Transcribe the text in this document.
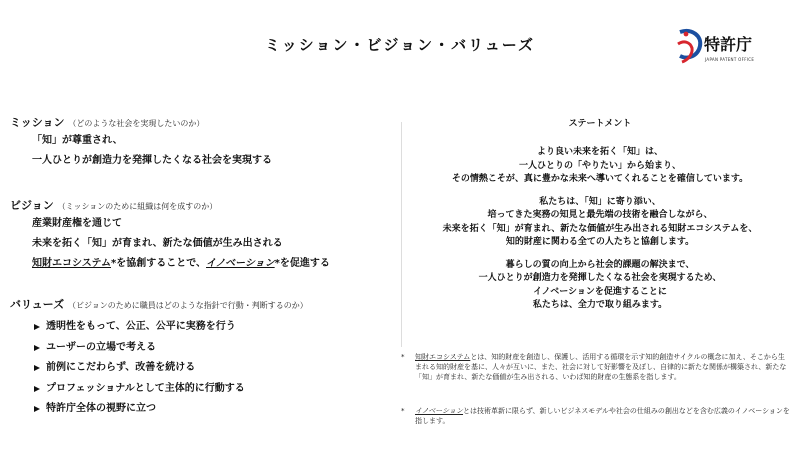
ミッション・ビジョン・バリューズ	特許庁
JAPAN PATENT OFFICE
ミッション （どのような社会を実現したいのか）
「知」が尊重され、
一人ひとりが創造力を発揮したくなる社会を実現する
ビジョン （ミッションのために組織は何を成すのか）
産業財産権を通じて
未来を拓く「知」が育まれ、新たな価値が生み出される
知財エコシステム*を協創することで、イノベーション*を促進する
バリューズ （ビジョンのために職員はどのような指針で行動・判断するのか）
透明性をもって、公正、公平に実務を行う
ユーザーの立場で考える
前例にこだわらず、改善を続ける
プロフェッショナルとして主体的に行動する
特許庁全体の視野に立つ
ステートメント
より良い未来を拓く「知」は、
一人ひとりの「やりたい」から始まり、
その情熱こそが、真に豊かな未来へ導いてくれることを確信しています。
私たちは、「知」に寄り添い、
培ってきた実務の知見と最先端の技術を融合しながら、
未来を拓く「知」が育まれ、新たな価値が生み出される知財エコシステムを、
知的財産に関わる全ての人たちと協創します。
暮らしの質の向上から社会的課題の解決まで、
一人ひとりが創造力を発揮したくなる社会を実現するため、
イノベーションを促進することに
私たちは、全力で取り組みます。
*	知財エコシステムとは、知的財産を創造し、保護し、活用する循環を示す知的創造サイクルの概念に加え、そこから生まれる知的財産を基に、人々が互いに、また、社会に対して好影響を及ぼし、自律的に新たな関係が構築され、新たな「知」が育まれ、新たな価値が生み出される、いわば知的財産の生態系を指します。
*	イノベーションとは技術革新に限らず、新しいビジネスモデルや社会の仕組みの創出などを含む広義のイノベーションを指します。
